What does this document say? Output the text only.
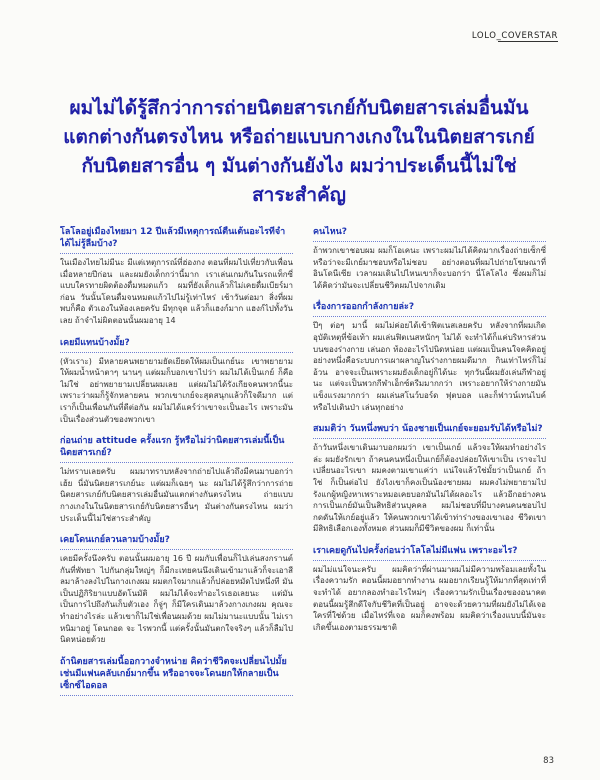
LOLO_COVERSTAR
ผมไม่ได้รู้สึกว่าการถ่ายนิตยสารเกย์กับนิตยสารเล่มอื่นมันแตกต่างกันตรงไหน หรือถ่ายแบบกางเกงในในนิตยสารเกย์กับนิตยสารอื่น ๆ มันต่างกันยังไง ผมว่าประเด็นนี้ไม่ใช่สาระสำคัญ

โลโลอยู่เมืองไทยมา 12 ปีแล้วมีเหตุการณ์ตื่นเต้นอะไรที่จำได้ไม่รู้ลืมบ้าง?

ในเมืองไทยไม่มีนะ มีแต่เหตุการณ์ที่ฮ่องกง ตอนที่ผมไปเที่ยวกับเพื่อนเมื่อหลายปีก่อน และผมยังเด็กกว่านี้มาก เราเล่นเกมกันในรถแท็กซี่ แบบใครทายผิดต้องดื่มหมดแก้ว ผมที่ยังเด็กแล้วก็ไม่เคยดื่มเบียร์มาก่อน วันนั้นโดนดื่มจนหมดแก้วไปไม่รู้เท่าไหร่ เช้าวันต่อมา สิ่งที่ผมพบก็คือ ตัวเองในห้องเลยครับ มีทุกจุด แล้วก็แฮงก์มาก แฮงก์ไปทั้งวันเลย ถ้าจำไม่ผิดตอนนั้นผมอายุ 14

เคยมีแทนบ้างมั้ย?

(หัวเราะ) มีหลายคนพยายามยัดเยียดให้ผมเป็นเกย์นะ เขาพยายามให้ผมน้ำหน้าตาๆ นานๆ แต่ผมก็บอกเขาไปว่า ผมไม่ได้เป็นเกย์ ก็คือไม่ใช่ อย่าพยายามเปลี่ยนผมเลย แต่ผมไม่ได้รังเกียจคนพวกนี้นะ เพราะว่าผมก็รู้จักหลายคน พวกเขาเกย์จะสุดสนุกแล้วก็ใจดีมาก แต่เราก็เป็นเพื่อนกันที่ดีต่อกัน ผมไม่ได้แคร์ว่าเขาจะเป็นอะไร เพราะมันเป็นเรื่องส่วนตัวของพวกเขา

ก่อนถ่าย attitude ครั้งแรก รู้หรือไม่ว่านิตยสารเล่มนี้เป็นนิตยสารเกย์?

ไม่ทราบเลยครับ ผมมาทราบหลังจากถ่ายไปแล้วถึงมีคนมาบอกว่า เฮ้ย นี่มันนิตยสารเกย์นะ แต่ผมก็เฉยๆ นะ ผมไม่ได้รู้สึกว่าการถ่ายนิตยสารเกย์กับนิตยสารเล่มอื่นมันแตกต่างกันตรงไหน ถ่ายแบบกางเกงในในนิตยสารเกย์กับนิตยสารอื่นๆ มันต่างกันตรงไหน ผมว่าประเด็นนี้ไม่ใช่สาระสำคัญ

เคยโดนเกย์ลวนลามบ้างมั้ย?

เคยมีครั้งนึงครับ ตอนนั้นผมอายุ 16 ปี ผมกับเพื่อนก็ไปเล่นสงกรานต์กันที่พัทยา ไปกันกลุ่มใหญ่ๆ ก็มีกะเทยคนนึงเดินเข้ามาแล้วก็จะเอาสีลมาล้างลงไปในกางเกงผม ผมตกใจมากแล้วก็ปล่อยหมัดไปหนึ่งที มันเป็นปฏิกิริยาแบบอัตโนมัติ ผมไม่ได้จะทำอะไรเธอเลยนะ แต่มันเป็นการไปถึงกันเก็บตัวเอง ก็จู่ๆ ก็มีใครเดินมาล้วงกางเกงผม คุณจะทำอย่างไรล่ะ แล้วเขาก็ไม่ใช่เพื่อนผมด้วย ผมไม่มานะแบบนั้น ไม่เราหนิมาอยู่ โดนกอด จะ ไรพวกนี้ แต่ครั้งนั้นมันตกใจจริงๆ แล้วก็ลืมไปนิดหน่อยด้วย

ถ้านิตยสารเล่มนี้ออกวางจำหน่าย คิดว่าชีวิตจะเปลี่ยนไปมั้ย เช่นมีแฟนคลับเกย์มากขึ้น หรืออาจจะโดนยกให้กลายเป็นเซ็กซ์ไอดอล

คนไหน?

ถ้าพวกเขาชอบผม ผมก็โอเคนะ เพราะผมไม่ได้คิดมากเรื่องถ่ายเซ็กซี่ หรือว่าจะมีเกย์มาชอบหรือไม่ชอบ อย่างตอนที่ผมไปถ่ายโฆษณาที่อินโดนีเซีย เวลาผมเดินไปไหนเขาก็จะบอกว่า นี่โลโลไง ซึ่งผมก็ไม่ได้คิดว่ามันจะเปลี่ยนชีวิตผมไปจากเดิม

เรื่องการออกกำลังกายล่ะ?

ปีๆ ต่อๆ มานี้ ผมไม่ค่อยได้เข้าฟิตเนสเลยครับ หลังจากที่ผมเกิดอุบัติเหตุที่ข้อเท้า ผมเล่นฟิตเนสหนักๆ ไม่ได้ จะทำได้ก็แค่บริหารส่วนบนของร่างกาย เล่นอก ท้องอะไรไปนิดหน่อย แต่ผมเป็นคนใจคคิดอยู่อย่างหนึ่งคือระบบการเผาผลาญในร่างกายผมดีมาก กินเท่าไหร่ก็ไม่อ้วน อาจจะเป็นเพราะผมยังเด็กอยู่ก็ได้นะ ทุกวันนี้ผมยังเล่นกีฬาอยู่นะ แต่จะเป็นพวกกีฬาเอ็กซ์ตรีมมากกว่า เพราะอยากให้ร่างกายมันแข็งแรงมากกว่า ผมเล่นสโนว์บอร์ด ฟุตบอล และก็ฟาวน์เทนไบค์ หรือไปเดินป่า เล่นทุกอย่าง

สมมติว่า วันหนึ่งพบว่า น้องชายเป็นเกย์จะยอมรับได้หรือไม่?

ถ้าวันหนึ่งเขาเดินมาบอกผมว่า เขาเป็นเกย์ แล้วจะให้ผมทำอย่างไรล่ะ ผมยังรักเขา ถ้าคนคนหนึ่งเป็นเกย์ก็ต้องปล่อยให้เขาเป็น เราจะไปเปลี่ยนอะไรเขา ผมคงตามเขาแค่ว่า แน่ใจแล้วใช่มั้ยว่าเป็นเกย์ ถ้าใช่ ก็เป็นต่อไป ยังไงเขาก็คงเป็นน้องชายผม ผมคงไม่พยายามไปรังแกผู้หญิงหาเพราะหมอเคยบอกมันไม่ได้ผลอะไร แล้วอีกอย่างคนการเป็นเกย์มันเป็นสิทธิส่วนบุคคล ผมไม่ชอบที่มีบางคนคนชอบไปกดดันให้เกย์อยู่แล้ว ให้คนพวกเขาได้เข้าท่าร่างของเขาเอง ชีวิตเขามีสิทธิเลือกเองทั้งหมด ส่วนผมก็มีชีวิตของผม ก็เท่านั้น

เราเคยดูกันไปครั้งก่อนว่าโลโลไม่มีแฟน เพราะอะไร?

ผมไม่แน่ใจนะครับ ผมคิดว่าที่ผ่านมาผมไม่มีความพร้อมเลยทั้งในเรื่องความรัก ตอนนี้ผมอยากทำงาน ผมอยากเรียนรู้ให้มากที่สุดเท่าที่จะทำได้ อยากลองทำอะไรใหม่ๆ เรื่องความรักเป็นเรื่องของอนาคต ตอนนี้ผมรู้สึกดีใจกับชีวิตที่เป็นอยู่ อาจจะด้วยความที่ผมยังไม่ได้เจอใครที่ใช่ด้วย เมื่อไหร่ที่เจอ ผมก็คงพร้อม ผมคิดว่าเรื่องแบบนี้มันจะเกิดขึ้นเองตามธรรมชาติ

83
